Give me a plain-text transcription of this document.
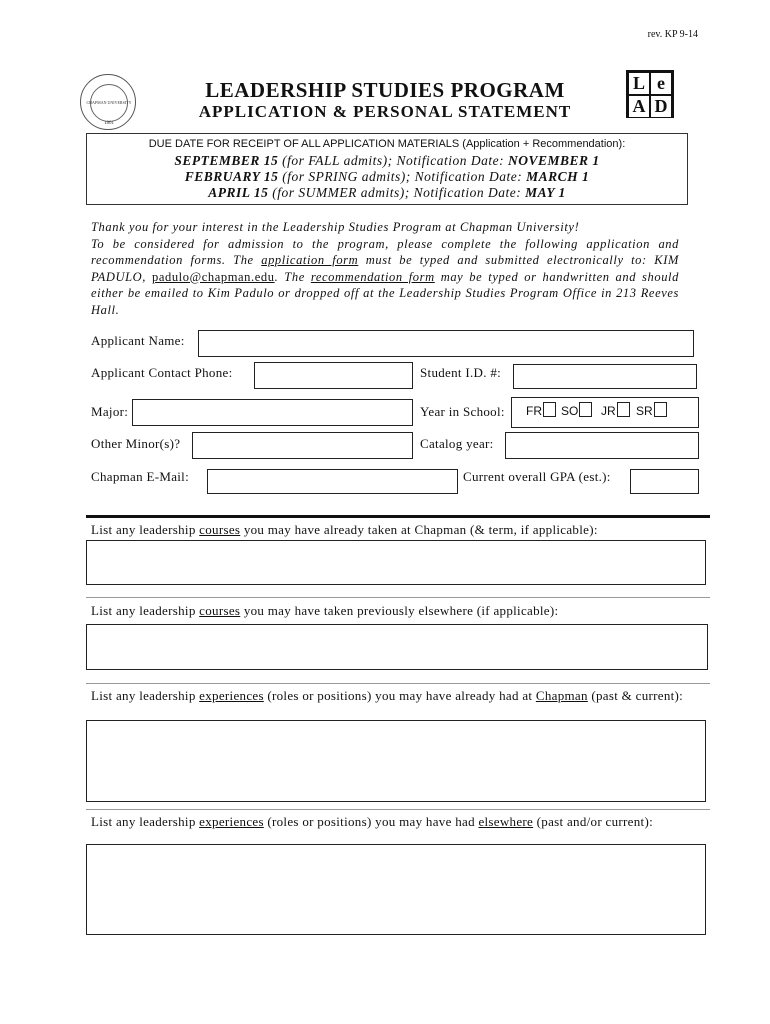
rev. KP 9-14
CHAPMAN UNIVERSITY
1861
LEADERSHIP STUDIES PROGRAM
APPLICATION & PERSONAL STATEMENT
L e
A D
DUE DATE FOR RECEIPT OF ALL APPLICATION MATERIALS (Application + Recommendation):
SEPTEMBER 15 (for FALL admits); Notification Date: NOVEMBER 1
FEBRUARY 15 (for SPRING admits); Notification Date: MARCH 1
APRIL 15 (for SUMMER admits); Notification Date: MAY 1
Thank you for your interest in the Leadership Studies Program at Chapman University!
To be considered for admission to the program, please complete the following application and recommendation forms. The application form must be typed and submitted electronically to: KIM PADULO, padulo@chapman.edu. The recommendation form may be typed or handwritten and should either be emailed to Kim Padulo or dropped off at the Leadership Studies Program Office in 213 Reeves Hall.
Applicant Name:
Applicant Contact Phone:	Student I.D. #:
Major:	Year in School: FR	SO	JR	SR
Other Minor(s)?	Catalog year:
Chapman E-Mail:	Current overall GPA (est.):
List any leadership courses you may have already taken at Chapman (& term, if applicable):
List any leadership courses you may have taken previously elsewhere (if applicable):
List any leadership experiences (roles or positions) you may have already had at Chapman (past & current):
List any leadership experiences (roles or positions) you may have had elsewhere (past and/or current):
